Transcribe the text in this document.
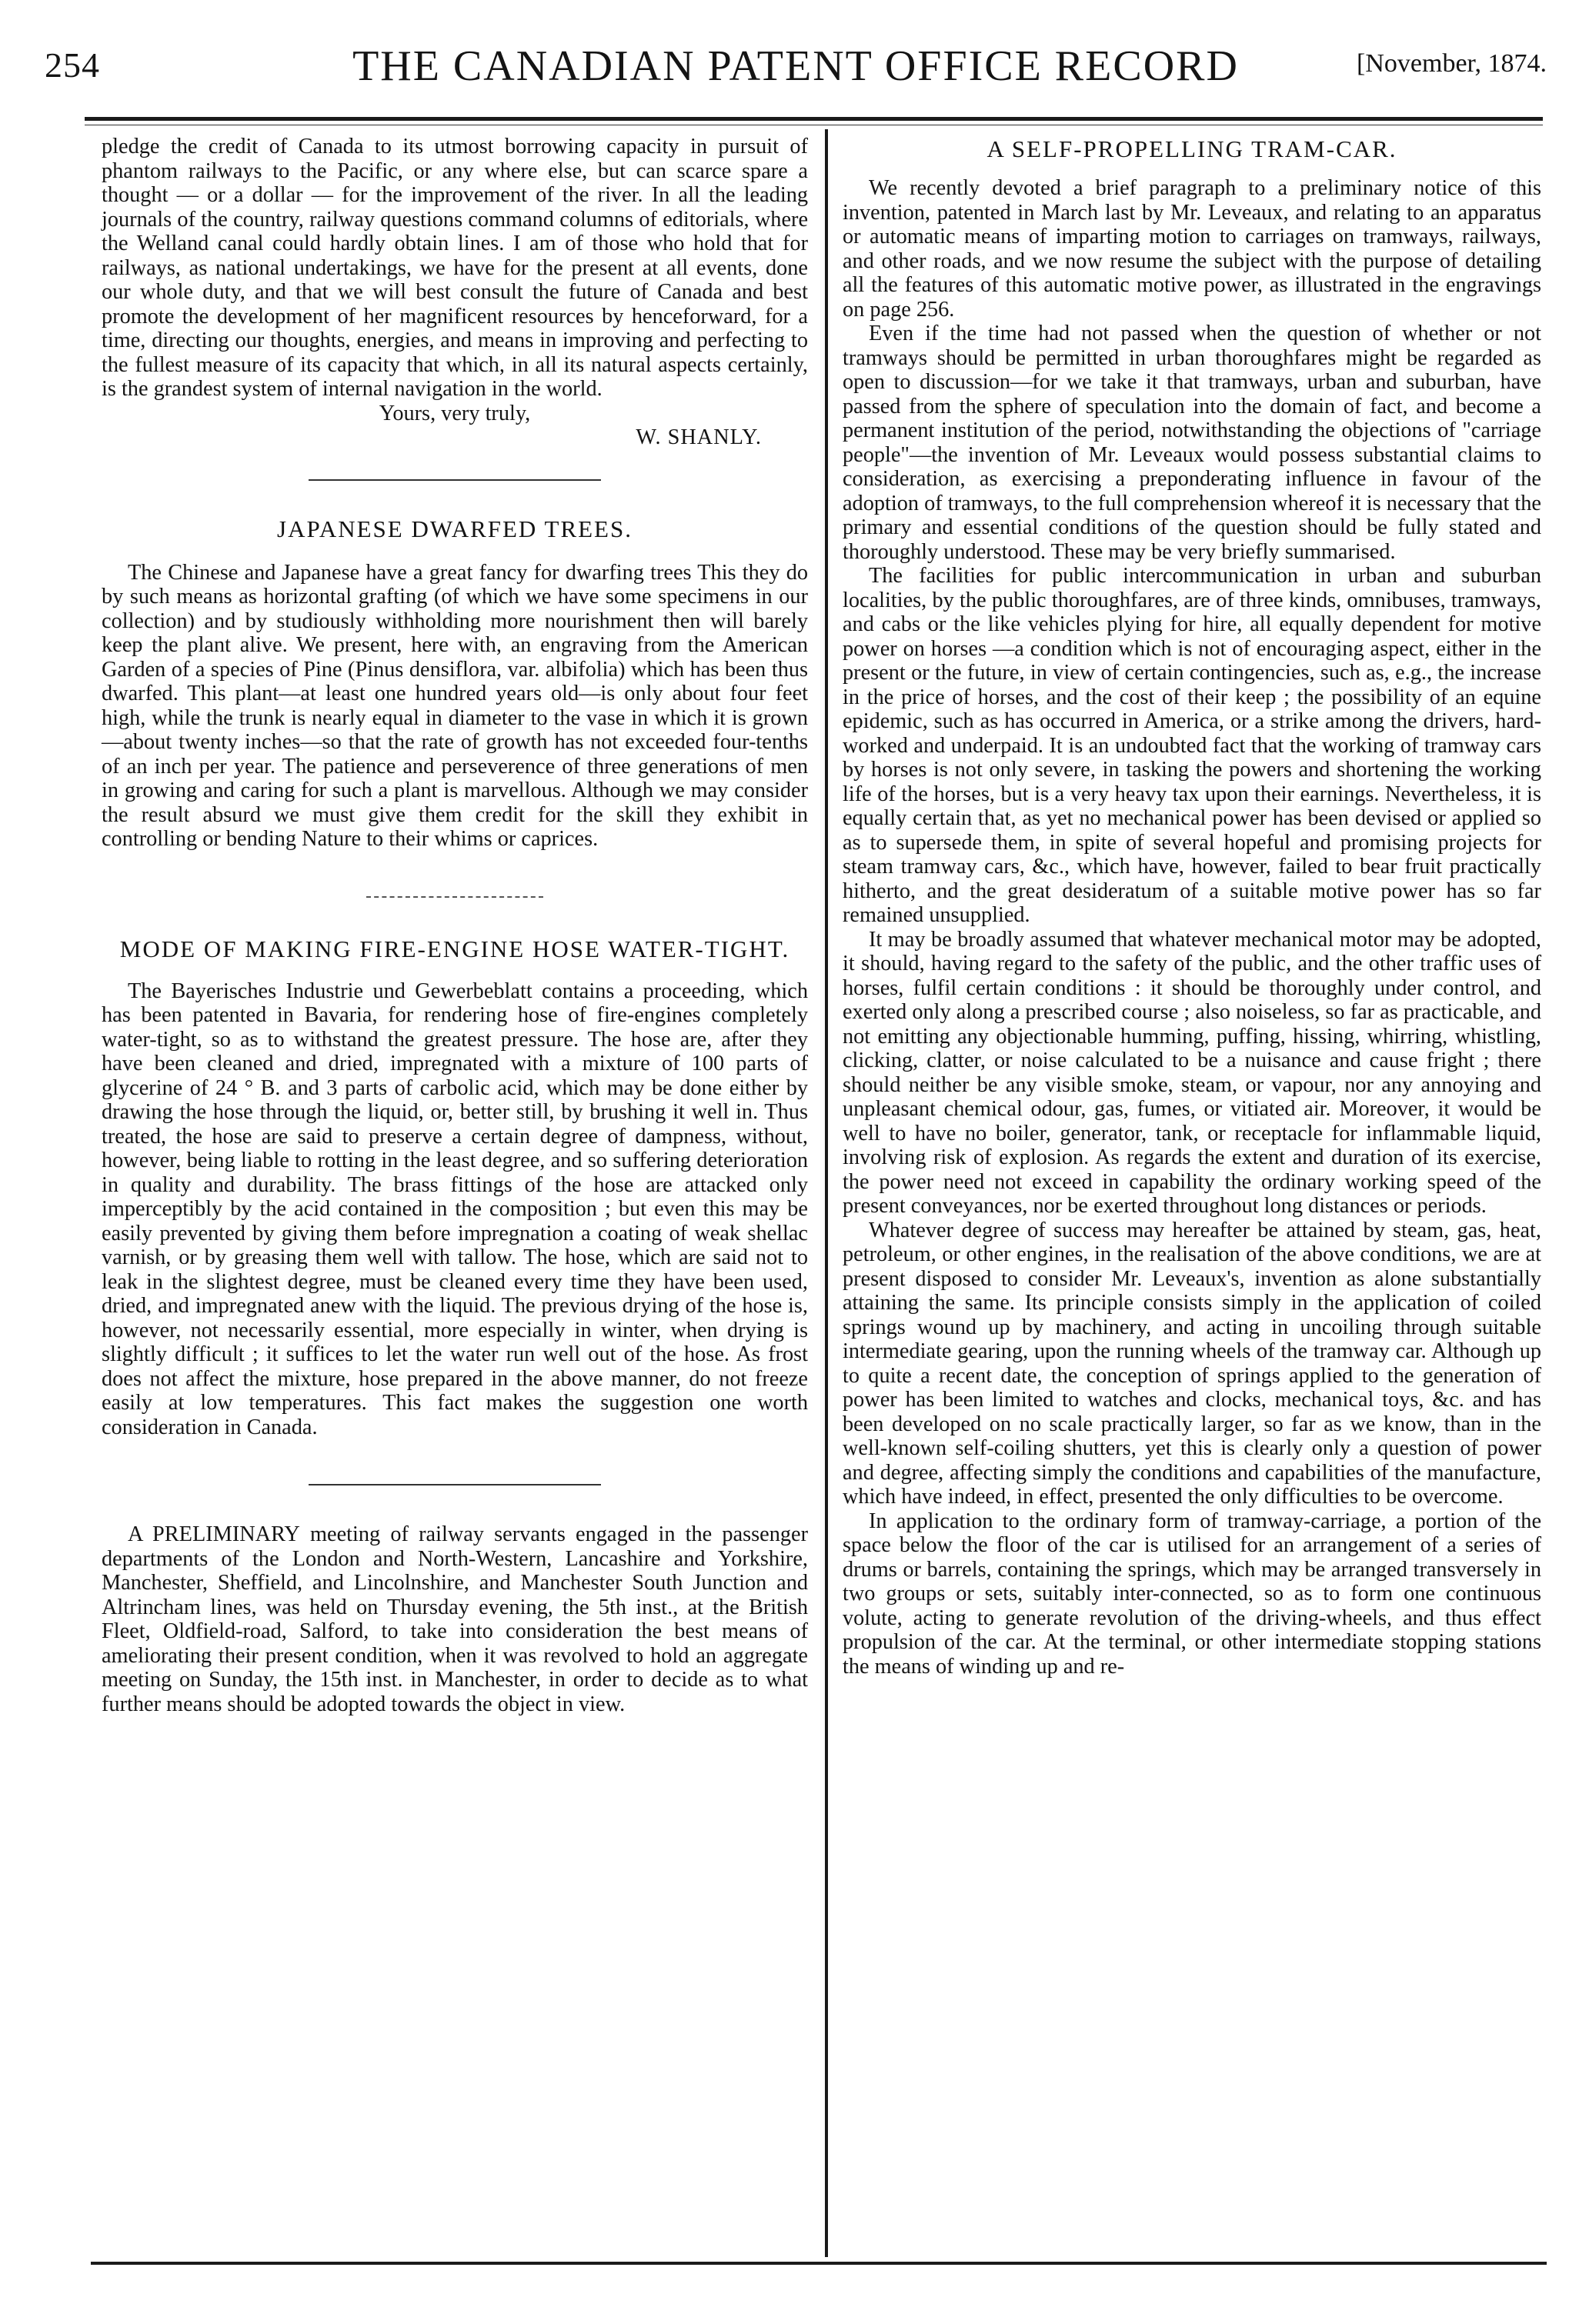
254	THE CANADIAN PATENT OFFICE RECORD	[November, 1874.

pledge the credit of Canada to its utmost borrowing capacity in pursuit of phantom railways to the Pacific, or any where else, but can scarce spare a thought — or a dollar — for the improvement of the river. In all the leading journals of the country, railway questions command columns of editorials, where the Welland canal could hardly obtain lines. I am of those who hold that for railways, as national undertakings, we have for the present at all events, done our whole duty, and that we will best consult the future of Canada and best promote the development of her magnificent resources by henceforward, for a time, directing our thoughts, energies, and means in improving and perfecting to the fullest measure of its capacity that which, in all its natural aspects certainly, is the grandest system of internal navigation in the world.

Yours, very truly,

W. SHANLY.

JAPANESE DWARFED TREES.

The Chinese and Japanese have a great fancy for dwarfing trees This they do by such means as horizontal grafting (of which we have some specimens in our collection) and by studiously withholding more nourishment then will barely keep the plant alive. We present, here with, an engraving from the American Garden of a species of Pine (Pinus densiflora, var. albifolia) which has been thus dwarfed. This plant—at least one hundred years old—is only about four feet high, while the trunk is nearly equal in diameter to the vase in which it is grown—about twenty inches—so that the rate of growth has not exceeded four-tenths of an inch per year. The patience and perseverence of three generations of men in growing and caring for such a plant is marvellous. Although we may consider the result absurd we must give them credit for the skill they exhibit in controlling or bending Nature to their whims or caprices.

MODE OF MAKING FIRE-ENGINE HOSE WATER-TIGHT.

The Bayerisches Industrie und Gewerbeblatt contains a proceeding, which has been patented in Bavaria, for rendering hose of fire-engines completely water-tight, so as to withstand the greatest pressure. The hose are, after they have been cleaned and dried, impregnated with a mixture of 100 parts of glycerine of 24 ° B. and 3 parts of carbolic acid, which may be done either by drawing the hose through the liquid, or, better still, by brushing it well in. Thus treated, the hose are said to preserve a certain degree of dampness, without, however, being liable to rotting in the least degree, and so suffering deterioration in quality and durability. The brass fittings of the hose are attacked only imperceptibly by the acid contained in the composition ; but even this may be easily prevented by giving them before impregnation a coating of weak shellac varnish, or by greasing them well with tallow. The hose, which are said not to leak in the slightest degree, must be cleaned every time they have been used, dried, and impregnated anew with the liquid. The previous drying of the hose is, however, not necessarily essential, more especially in winter, when drying is slightly difficult ; it suffices to let the water run well out of the hose. As frost does not affect the mixture, hose prepared in the above manner, do not freeze easily at low temperatures. This fact makes the suggestion one worth consideration in Canada.

A PRELIMINARY meeting of railway servants engaged in the passenger departments of the London and North-Western, Lancashire and Yorkshire, Manchester, Sheffield, and Lincolnshire, and Manchester South Junction and Altrincham lines, was held on Thursday evening, the 5th inst., at the British Fleet, Oldfield-road, Salford, to take into consideration the best means of ameliorating their present condition, when it was revolved to hold an aggregate meeting on Sunday, the 15th inst. in Manchester, in order to decide as to what further means should be adopted towards the object in view.

A SELF-PROPELLING TRAM-CAR.

We recently devoted a brief paragraph to a preliminary notice of this invention, patented in March last by Mr. Leveaux, and relating to an apparatus or automatic means of imparting motion to carriages on tramways, railways, and other roads, and we now resume the subject with the purpose of detailing all the features of this automatic motive power, as illustrated in the engravings on page 256.

Even if the time had not passed when the question of whether or not tramways should be permitted in urban thoroughfares might be regarded as open to discussion—for we take it that tramways, urban and suburban, have passed from the sphere of speculation into the domain of fact, and become a permanent institution of the period, notwithstanding the objections of "carriage people"—the invention of Mr. Leveaux would possess substantial claims to consideration, as exercising a preponderating influence in favour of the adoption of tramways, to the full comprehension whereof it is necessary that the primary and essential conditions of the question should be fully stated and thoroughly understood. These may be very briefly summarised.

The facilities for public intercommunication in urban and suburban localities, by the public thoroughfares, are of three kinds, omnibuses, tramways, and cabs or the like vehicles plying for hire, all equally dependent for motive power on horses —a condition which is not of encouraging aspect, either in the present or the future, in view of certain contingencies, such as, e.g., the increase in the price of horses, and the cost of their keep ; the possibility of an equine epidemic, such as has occurred in America, or a strike among the drivers, hard-worked and underpaid. It is an undoubted fact that the working of tramway cars by horses is not only severe, in tasking the powers and shortening the working life of the horses, but is a very heavy tax upon their earnings. Nevertheless, it is equally certain that, as yet no mechanical power has been devised or applied so as to supersede them, in spite of several hopeful and promising projects for steam tramway cars, &c., which have, however, failed to bear fruit practically hitherto, and the great desideratum of a suitable motive power has so far remained unsupplied.

It may be broadly assumed that whatever mechanical motor may be adopted, it should, having regard to the safety of the public, and the other traffic uses of horses, fulfil certain conditions : it should be thoroughly under control, and exerted only along a prescribed course ; also noiseless, so far as practicable, and not emitting any objectionable humming, puffing, hissing, whirring, whistling, clicking, clatter, or noise calculated to be a nuisance and cause fright ; there should neither be any visible smoke, steam, or vapour, nor any annoying and unpleasant chemical odour, gas, fumes, or vitiated air. Moreover, it would be well to have no boiler, generator, tank, or receptacle for inflammable liquid, involving risk of explosion. As regards the extent and duration of its exercise, the power need not exceed in capability the ordinary working speed of the present conveyances, nor be exerted throughout long distances or periods.

Whatever degree of success may hereafter be attained by steam, gas, heat, petroleum, or other engines, in the realisation of the above conditions, we are at present disposed to consider Mr. Leveaux's, invention as alone substantially attaining the same. Its principle consists simply in the application of coiled springs wound up by machinery, and acting in uncoiling through suitable intermediate gearing, upon the running wheels of the tramway car. Although up to quite a recent date, the conception of springs applied to the generation of power has been limited to watches and clocks, mechanical toys, &c. and has been developed on no scale practically larger, so far as we know, than in the well-known self-coiling shutters, yet this is clearly only a question of power and degree, affecting simply the conditions and capabilities of the manufacture, which have indeed, in effect, presented the only difficulties to be overcome.

In application to the ordinary form of tramway-carriage, a portion of the space below the floor of the car is utilised for an arrangement of a series of drums or barrels, containing the springs, which may be arranged transversely in two groups or sets, suitably inter-connected, so as to form one continuous volute, acting to generate revolution of the driving-wheels, and thus effect propulsion of the car. At the terminal, or other intermediate stopping stations the means of winding up and re-
